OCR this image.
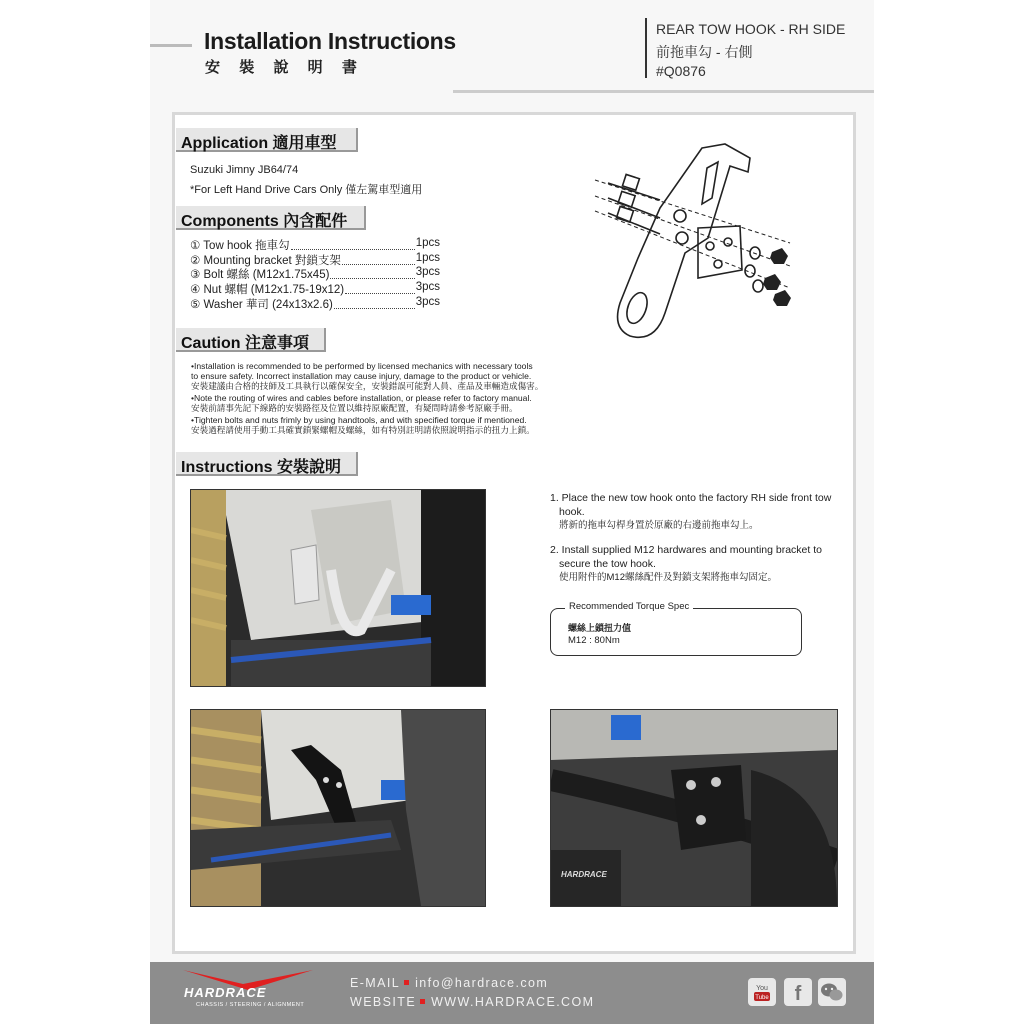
Installation Instructions
安 裝 說 明 書
REAR TOW HOOK - RH SIDE
前拖車勾 - 右側
#Q0876
Application 適用車型
Suzuki Jimny JB64/74
*For Left Hand Drive Cars Only 僅左駕車型適用
Components 內含配件
① Tow hook 拖車勾	1pcs
② Mounting bracket 對鎖支架	1pcs
③ Bolt 螺絲 (M12x1.75x45)	3pcs
④ Nut 螺帽 (M12x1.75-19x12)	3pcs
⑤ Washer 華司 (24x13x2.6)	3pcs
Caution 注意事項
•Installation is recommended to be performed by licensed mechanics with necessary tools
to ensure safety. Incorrect installation may cause injury, damage to the product or vehicle.
安裝建議由合格的技師及工具執行以確保安全，安裝錯誤可能對人員、產品及車輛造成傷害。
•Note the routing of wires and cables before installation, or please refer to factory manual.
安裝前請事先記下線路的安裝路徑及位置以維持原廠配置，有疑問時請參考原廠手冊。
•Tighten bolts and nuts frimly by using handtools, and with specified torque if mentioned.
安裝過程請使用手動工具確實鎖緊螺帽及螺絲，如有特別註明請依照說明指示的扭力上鎖。
Instructions 安裝說明
1. Place the new tow hook onto the factory RH side front tow
hook.
將新的拖車勾桿身置於原廠的右邊前拖車勾上。
2. Install supplied M12 hardwares and mounting bracket to
secure the tow hook.
使用附件的M12螺絲配件及對鎖支架將拖車勾固定。
Recommended Torque Spec
螺絲上鎖扭力值
M12 : 80Nm
HARDRACE
HARDRACE
CHASSIS / STEERING / ALIGNMENT
E-MAIL info@hardrace.com
WEBSITE WWW.HARDRACE.COM
You
Tube f
